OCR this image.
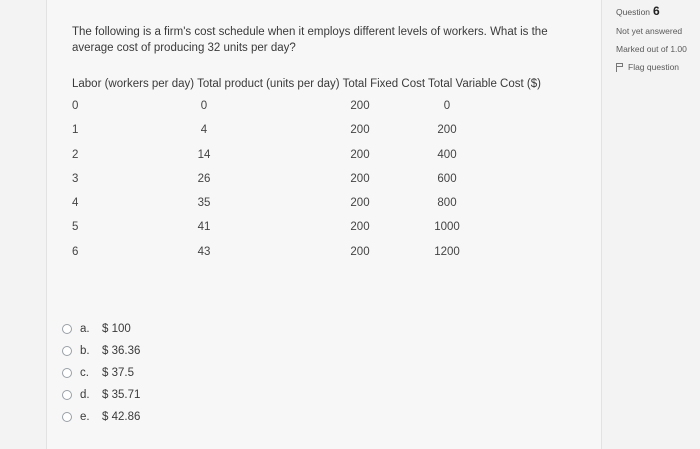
The following is a firm's cost schedule when it employs different levels of workers. What is the average cost of producing 32 units per day?
Labor (workers per day) Total product (units per day) Total Fixed Cost Total Variable Cost ($)
0	0	200	0
1	4	200	200
2	14	200	400
3	26	200	600
4	35	200	800
5	41	200	1000
6	43	200	1200
a.	$ 100
b.	$ 36.36
c.	$ 37.5
d.	$ 35.71
e.	$ 42.86
Question 6
Not yet answered
Marked out of 1.00
Flag question
